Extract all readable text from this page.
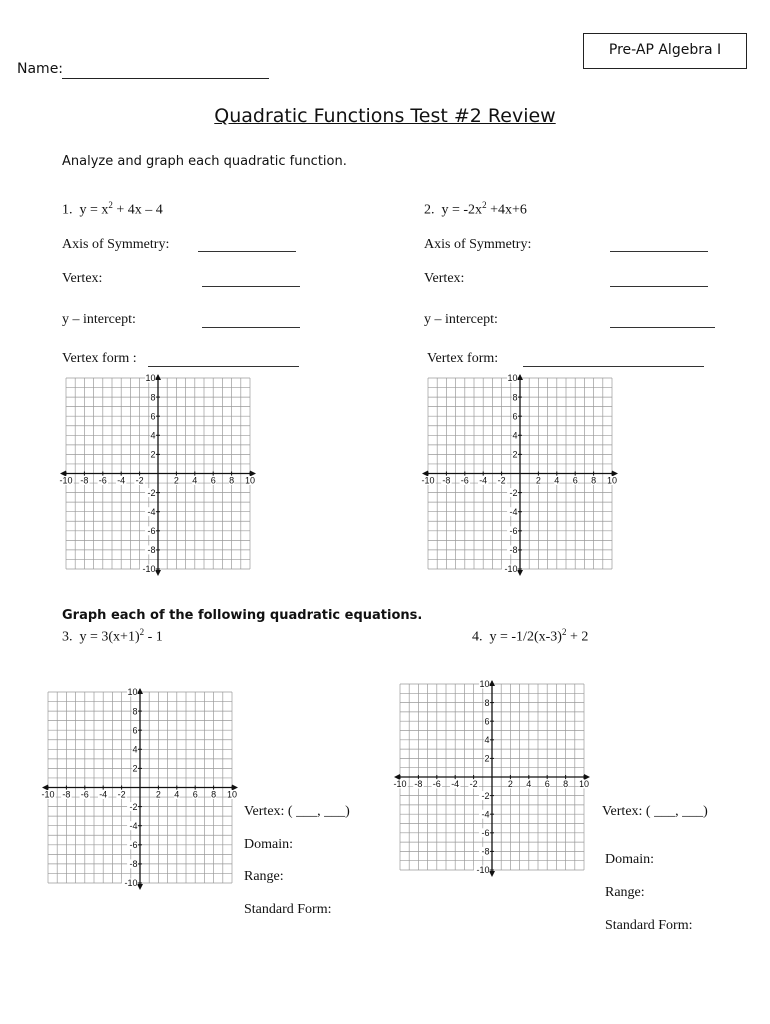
Pre-AP Algebra I
Name:
Quadratic Functions Test #2 Review
Analyze and graph each quadratic function.
1. $y = x^2 + 4x - 4$
Axis of Symmetry:
Vertex:
y – intercept:
Vertex form :
2. $y = -2x^2 +4x+6$
Axis of Symmetry:
Vertex:
y – intercept:
Vertex form:
-10 -8 -6 -4 -2	2 4 6 8 10
10
8
6
4
2
-2
-4
-6
-8
-10
-10 -8 -6 -4 -2	2 4 6 8 10
10
8
6
4
2
-2
-4
-6
-8
-10
Graph each of the following quadratic equations.
3. $y = 3(x+1)^2 - 1$
-10 -8 -6 -4 -2	2 4 6 8 10
10
8
6
4
2
-2
-4
-6
-8
-10
Vertex: ( ___, ___)
Domain:
Range:
Standard Form:
4. $y = -1/2(x-3)^2 + 2$
-10 -8 -6 -4 -2	2 4 6 8 10
10
8
6
4
2
-2
-4
-6
-8
-10
Vertex: ( ___, ___)
Domain:
Range:
Standard Form:
